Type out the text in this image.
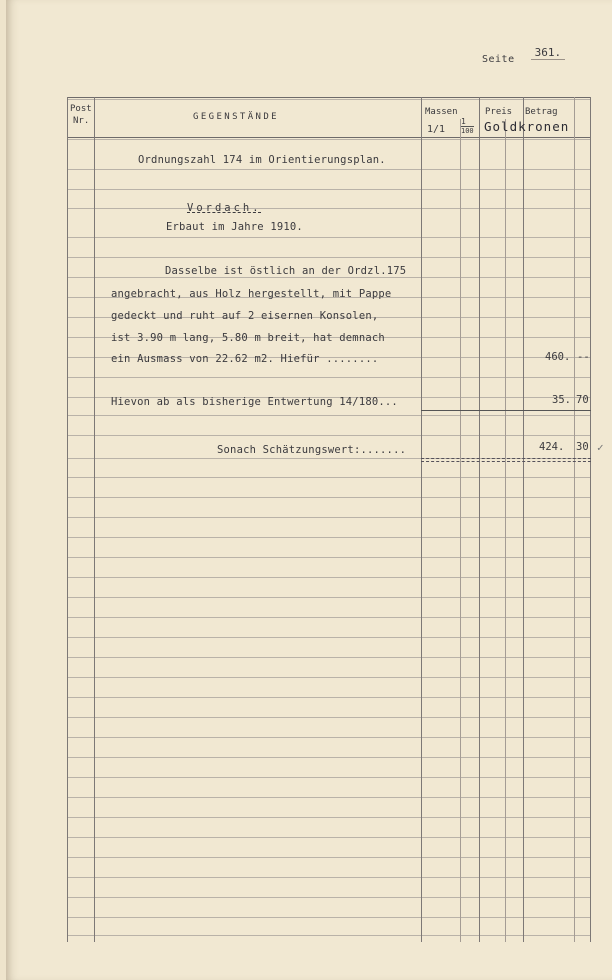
Seite 361.
Post
Nr.	GEGENSTÄNDE	Massen
1/1
1
100
Preis Betrag
Goldkronen
Ordnungszahl 174 im Orientierungsplan.
Vordach.
Erbaut im Jahre 1910.
Dasselbe ist östlich an der Ordzl.175
angebracht, aus Holz hergestellt, mit Pappe
gedeckt und ruht auf 2 eisernen Konsolen,
ist 3.90 m lang, 5.80 m breit, hat demnach
ein Ausmass von 22.62 m2. Hiefür ........
Hievon ab als bisherige Entwertung 14/180...
Sonach Schätzungswert:.......
460. --
35. 70
424. 30 ✓
